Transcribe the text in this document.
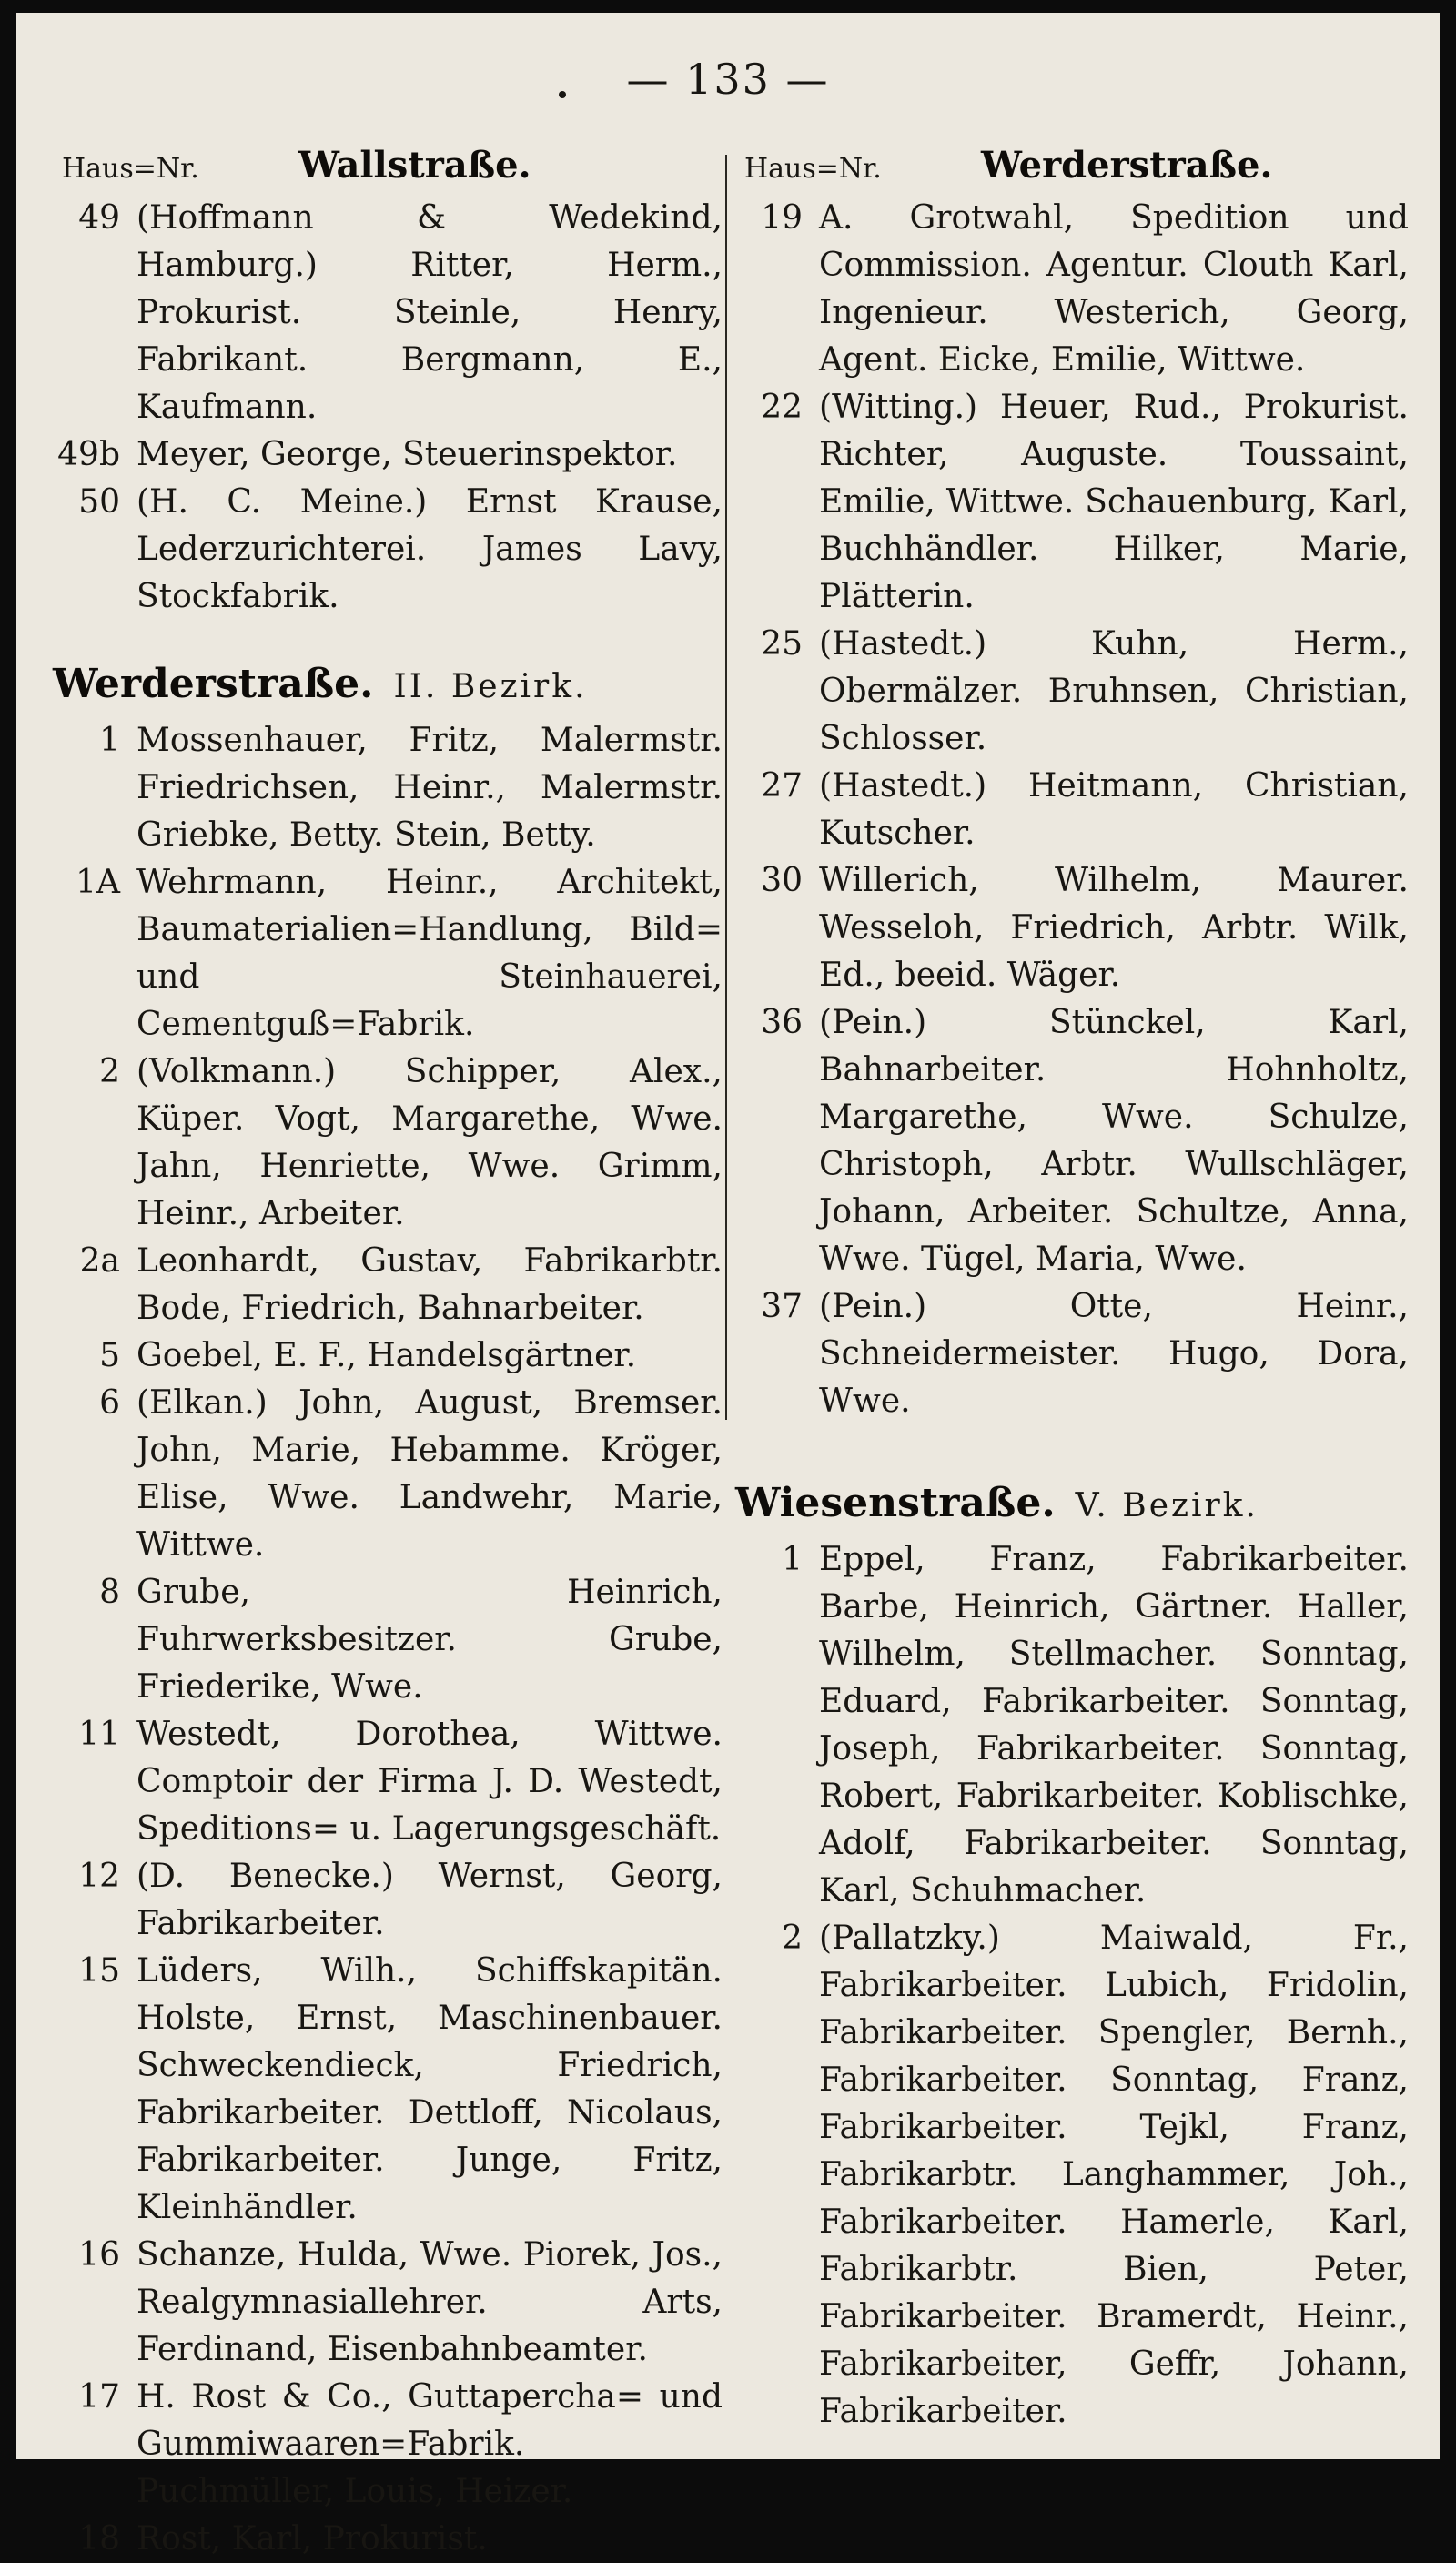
— 133 —
Haus=Nr.	Wallstraße.
49 (Hoffmann & Wedekind, Hamburg.) Ritter, Herm., Prokurist. Steinle, Henry, Fabrikant. Bergmann, E., Kaufmann.
49b Meyer, George, Steuerinspektor.
50 (H. C. Meine.) Ernst Krause, Lederzurichterei. James Lavy, Stockfabrik.
Werderstraße. II. Bezirk.
1 Mossenhauer, Fritz, Malermstr. Friedrichsen, Heinr., Malermstr. Griebke, Betty. Stein, Betty.
1A Wehrmann, Heinr., Architekt, Baumaterialien=Handlung, Bild= und Steinhauerei, Cementguß=Fabrik.
2 (Volkmann.) Schipper, Alex., Küper. Vogt, Margarethe, Wwe. Jahn, Henriette, Wwe. Grimm, Heinr., Arbeiter.
2a Leonhardt, Gustav, Fabrikarbtr. Bode, Friedrich, Bahnarbeiter.
5 Goebel, E. F., Handelsgärtner.
6 (Elkan.) John, August, Bremser. John, Marie, Hebamme. Kröger, Elise, Wwe. Landwehr, Marie, Wittwe.
8 Grube, Heinrich, Fuhrwerksbesitzer. Grube, Friederike, Wwe.
11 Westedt, Dorothea, Wittwe. Comptoir der Firma J. D. Westedt, Speditions= u. Lagerungsgeschäft.
12 (D. Benecke.) Wernst, Georg, Fabrikarbeiter.
15 Lüders, Wilh., Schiffskapitän. Holste, Ernst, Maschinenbauer. Schweckendieck, Friedrich, Fabrikarbeiter. Dettloff, Nicolaus, Fabrikarbeiter. Junge, Fritz, Kleinhändler.
16 Schanze, Hulda, Wwe. Piorek, Jos., Realgymnasiallehrer. Arts, Ferdinand, Eisenbahnbeamter.
17 H. Rost & Co., Guttapercha= und Gummiwaaren=Fabrik. Puchmüller, Louis, Heizer.
18 Rost, Karl, Prokurist.
Haus=Nr.	Werderstraße.
19 A. Grotwahl, Spedition und Commission. Agentur. Clouth Karl, Ingenieur. Westerich, Georg, Agent. Eicke, Emilie, Wittwe.
22 (Witting.) Heuer, Rud., Prokurist. Richter, Auguste. Toussaint, Emilie, Wittwe. Schauenburg, Karl, Buchhändler. Hilker, Marie, Plätterin.
25 (Hastedt.) Kuhn, Herm., Obermälzer. Bruhnsen, Christian, Schlosser.
27 (Hastedt.) Heitmann, Christian, Kutscher.
30 Willerich, Wilhelm, Maurer. Wesseloh, Friedrich, Arbtr. Wilk, Ed., beeid. Wäger.
36 (Pein.) Stünckel, Karl, Bahnarbeiter. Hohnholtz, Margarethe, Wwe. Schulze, Christoph, Arbtr. Wullschläger, Johann, Arbeiter. Schultze, Anna, Wwe. Tügel, Maria, Wwe.
37 (Pein.) Otte, Heinr., Schneidermeister. Hugo, Dora, Wwe.
Wiesenstraße. V. Bezirk.
1 Eppel, Franz, Fabrikarbeiter. Barbe, Heinrich, Gärtner. Haller, Wilhelm, Stellmacher. Sonntag, Eduard, Fabrikarbeiter. Sonntag, Joseph, Fabrikarbeiter. Sonntag, Robert, Fabrikarbeiter. Koblischke, Adolf, Fabrikarbeiter. Sonntag, Karl, Schuhmacher.
2 (Pallatzky.) Maiwald, Fr., Fabrikarbeiter. Lubich, Fridolin, Fabrikarbeiter. Spengler, Bernh., Fabrikarbeiter. Sonntag, Franz, Fabrikarbeiter. Tejkl, Franz, Fabrikarbtr. Langhammer, Joh., Fabrikarbeiter. Hamerle, Karl, Fabrikarbtr. Bien, Peter, Fabrikarbeiter. Bramerdt, Heinr., Fabrikarbeiter, Geffr, Johann, Fabrikarbeiter.
